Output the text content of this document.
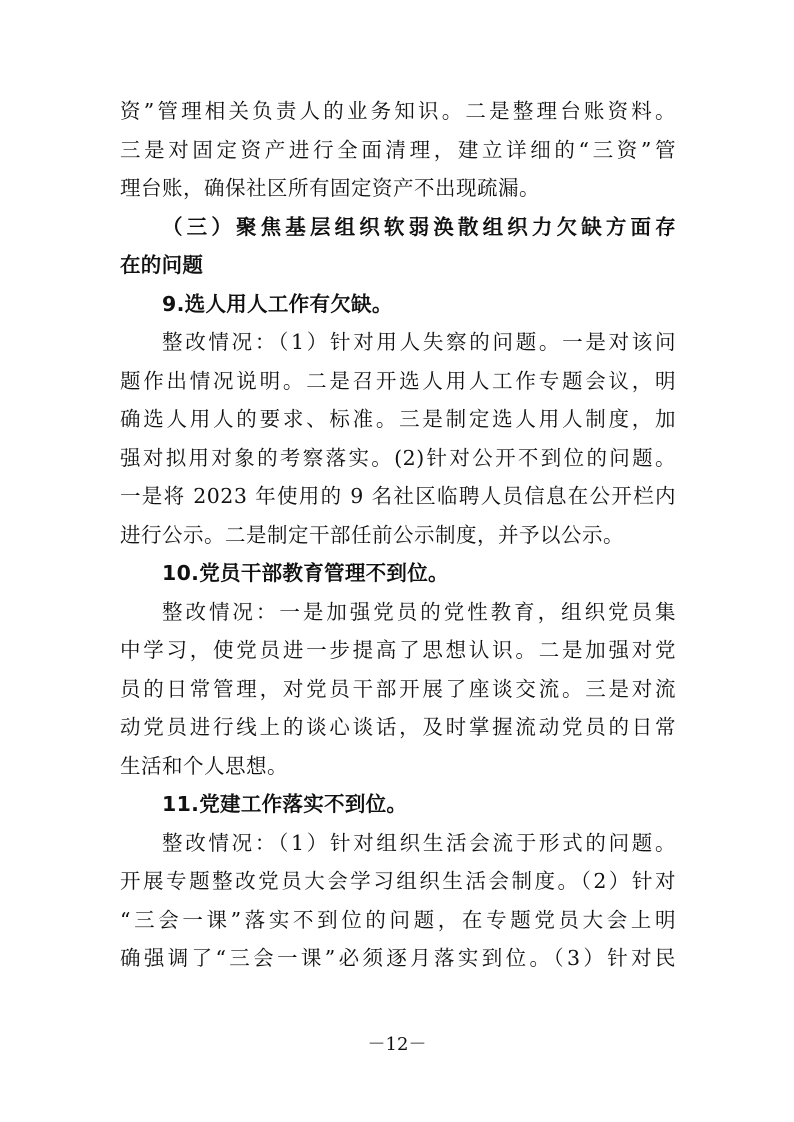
资”管理相关负责人的业务知识。二是整理台账资料。
三是对固定资产进行全面清理，建立详细的“三资”管
理台账，确保社区所有固定资产不出现疏漏。
（三）聚焦基层组织软弱涣散组织力欠缺方面存
在的问题
9.选人用人工作有欠缺。
整改情况：（1）针对用人失察的问题。一是对该问
题作出情况说明。二是召开选人用人工作专题会议，明
确选人用人的要求、标准。三是制定选人用人制度，加
强对拟用对象的考察落实。(2)针对公开不到位的问题。
一是将 2023 年使用的 9 名社区临聘人员信息在公开栏内
进行公示。二是制定干部任前公示制度，并予以公示。
10.党员干部教育管理不到位。
整改情况：一是加强党员的党性教育，组织党员集
中学习，使党员进一步提高了思想认识。二是加强对党
员的日常管理，对党员干部开展了座谈交流。三是对流
动党员进行线上的谈心谈话，及时掌握流动党员的日常
生活和个人思想。
11.党建工作落实不到位。
整改情况：（1）针对组织生活会流于形式的问题。
开展专题整改党员大会学习组织生活会制度。（2）针对
“三会一课”落实不到位的问题，在专题党员大会上明
确强调了“三会一课”必须逐月落实到位。（3）针对民
－12－
